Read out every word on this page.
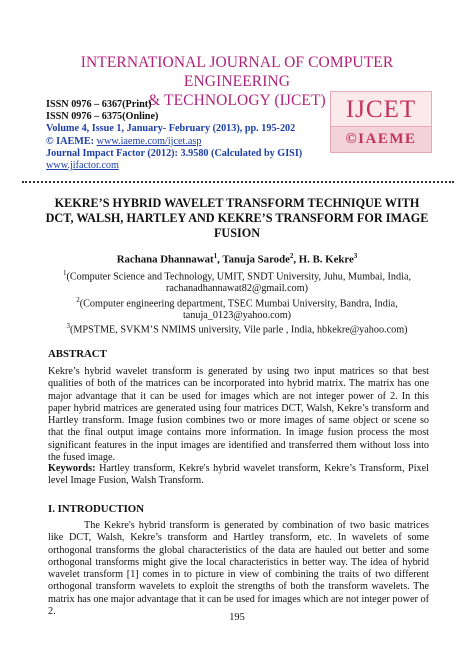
INTERNATIONAL JOURNAL OF COMPUTER ENGINEERING
& TECHNOLOGY (IJCET)
ISSN 0976 – 6367(Print)
ISSN 0976 – 6375(Online)
Volume 4, Issue 1, January- February (2013), pp. 195-202
© IAEME: www.iaeme.com/ijcet.asp
Journal Impact Factor (2012): 3.9580 (Calculated by GISI)
www.jifactor.com
IJCET
©IAEME
KEKRE’S HYBRID WAVELET TRANSFORM TECHNIQUE WITH
DCT, WALSH, HARTLEY AND KEKRE’S TRANSFORM FOR IMAGE
FUSION
Rachana Dhannawat$^1$, Tanuja Sarode$^2$, H. B. Kekre$^3$
$^1$(Computer Science and Technology, UMIT, SNDT University, Juhu, Mumbai, India,
rachanadhannawat82@gmail.com)
$^2$(Computer engineering department, TSEC Mumbai University, Bandra, India,
tanuja_0123@yahoo.com)
$^3$(MPSTME, SVKM’S NMIMS university, Vile parle , India, hbkekre@yahoo.com)
ABSTRACT
Kekre’s hybrid wavelet transform is generated by using two input matrices so that best qualities of both of the matrices can be incorporated into hybrid matrix. The matrix has one major advantage that it can be used for images which are not integer power of 2. In this paper hybrid matrices are generated using four matrices DCT, Walsh, Kekre’s transform and Hartley transform. Image fusion combines two or more images of same object or scene so that the final output image contains more information. In image fusion process the most significant features in the input images are identified and transferred them without loss into the fused image.
Keywords: Hartley transform, Kekre's hybrid wavelet transform, Kekre’s Transform, Pixel level Image Fusion, Walsh Transform.
I. INTRODUCTION
The Kekre's hybrid transform is generated by combination of two basic matrices like DCT, Walsh, Kekre’s transform and Hartley transform, etc. In wavelets of some orthogonal transforms the global characteristics of the data are hauled out better and some orthogonal transforms might give the local characteristics in better way. The idea of hybrid wavelet transform [1] comes in to picture in view of combining the traits of two different orthogonal transform wavelets to exploit the strengths of both the transform wavelets. The matrix has one major advantage that it can be used for images which are not integer power of 2.
195
